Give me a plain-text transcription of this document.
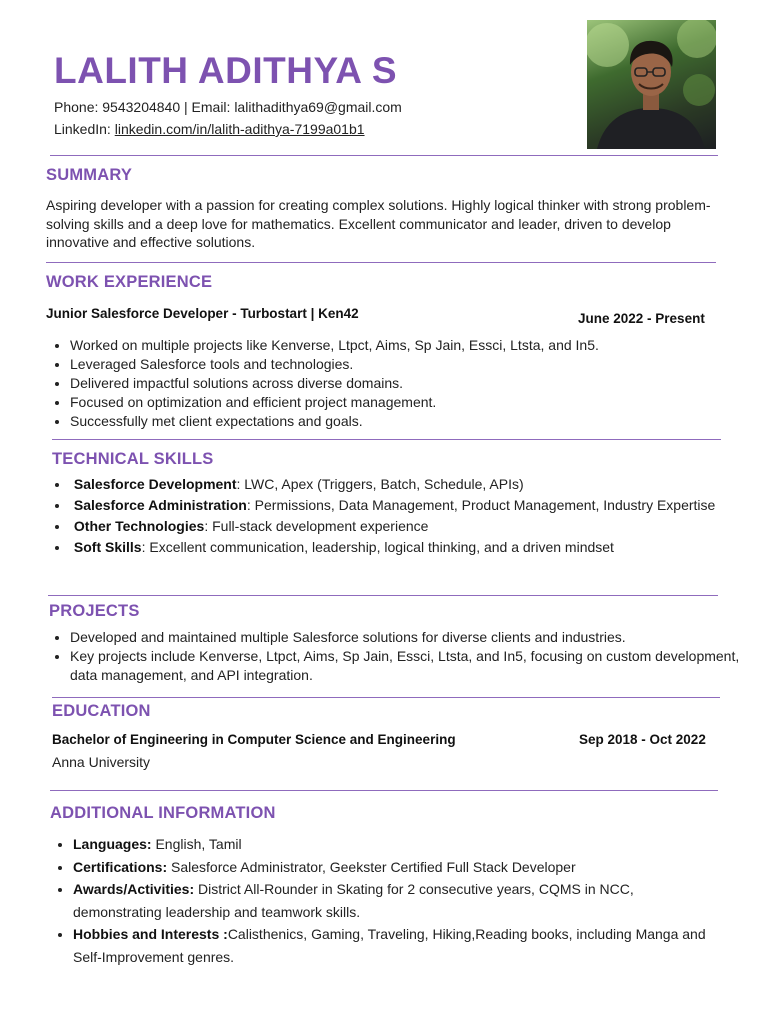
LALITH ADITHYA S
Phone: 9543204840 | Email: lalithadithya69@gmail.com
LinkedIn: linkedin.com/in/lalith-adithya-7199a01b1
SUMMARY

Aspiring developer with a passion for creating complex solutions. Highly logical thinker with strong problem-solving skills and a deep love for mathematics. Excellent communicator and leader, driven to develop innovative and effective solutions.

WORK EXPERIENCE
Junior Salesforce Developer - Turbostart | Ken42	June 2022 - Present
• Worked on multiple projects like Kenverse, Ltpct, Aims, Sp Jain, Essci, Ltsta, and In5.
• Leveraged Salesforce tools and technologies.
• Delivered impactful solutions across diverse domains.
• Focused on optimization and efficient project management.
• Successfully met client expectations and goals.
TECHNICAL SKILLS
• Salesforce Development: LWC, Apex (Triggers, Batch, Schedule, APIs)
• Salesforce Administration: Permissions, Data Management, Product Management, Industry Expertise
• Other Technologies: Full-stack development experience
• Soft Skills: Excellent communication, leadership, logical thinking, and a driven mindset
PROJECTS
• Developed and maintained multiple Salesforce solutions for diverse clients and industries.
• Key projects include Kenverse, Ltpct, Aims, Sp Jain, Essci, Ltsta, and In5, focusing on custom development, data management, and API integration.
EDUCATION
Bachelor of Engineering in Computer Science and Engineering	Sep 2018 - Oct 2022
Anna University
ADDITIONAL INFORMATION
• Languages: English, Tamil
• Certifications: Salesforce Administrator, Geekster Certified Full Stack Developer
• Awards/Activities: District All-Rounder in Skating for 2 consecutive years, CQMS in NCC, demonstrating leadership and teamwork skills.
• Hobbies and Interests :Calisthenics, Gaming, Traveling, Hiking,Reading books, including Manga and Self-Improvement genres.
